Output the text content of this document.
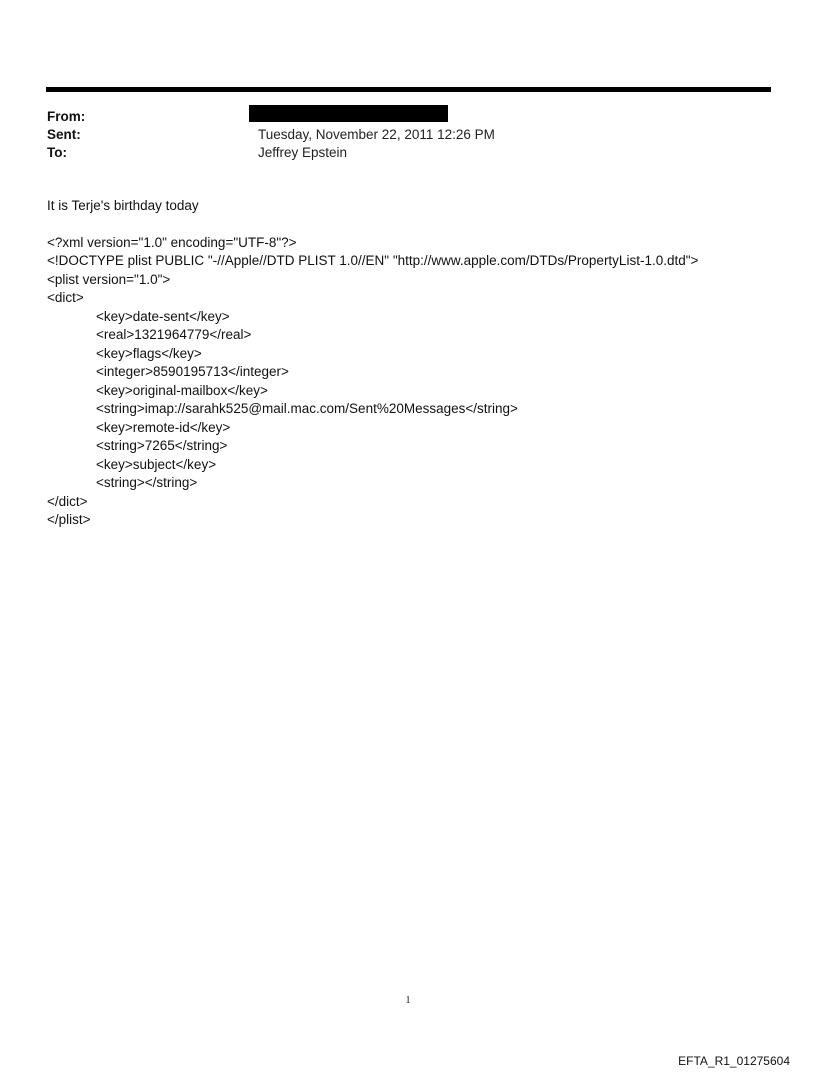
From:
Sent:	Tuesday, November 22, 2011 12:26 PM
To:	Jeffrey Epstein

It is Terje's birthday today

<?xml version="1.0" encoding="UTF-8"?>

<!DOCTYPE plist PUBLIC "-//Apple//DTD PLIST 1.0//EN" "http://www.apple.com/DTDs/PropertyList-1.0.dtd">

<plist version="1.0">

<dict>

<key>date-sent</key>

<real>1321964779</real>

<key>flags</key>

<integer>8590195713</integer>

<key>original-mailbox</key>

<string>imap://sarahk525@mail.mac.com/Sent%20Messages</string>

<key>remote-id</key>

<string>7265</string>

<key>subject</key>

<string></string>

</dict>

</plist>

1
EFTA_R1_01275604
